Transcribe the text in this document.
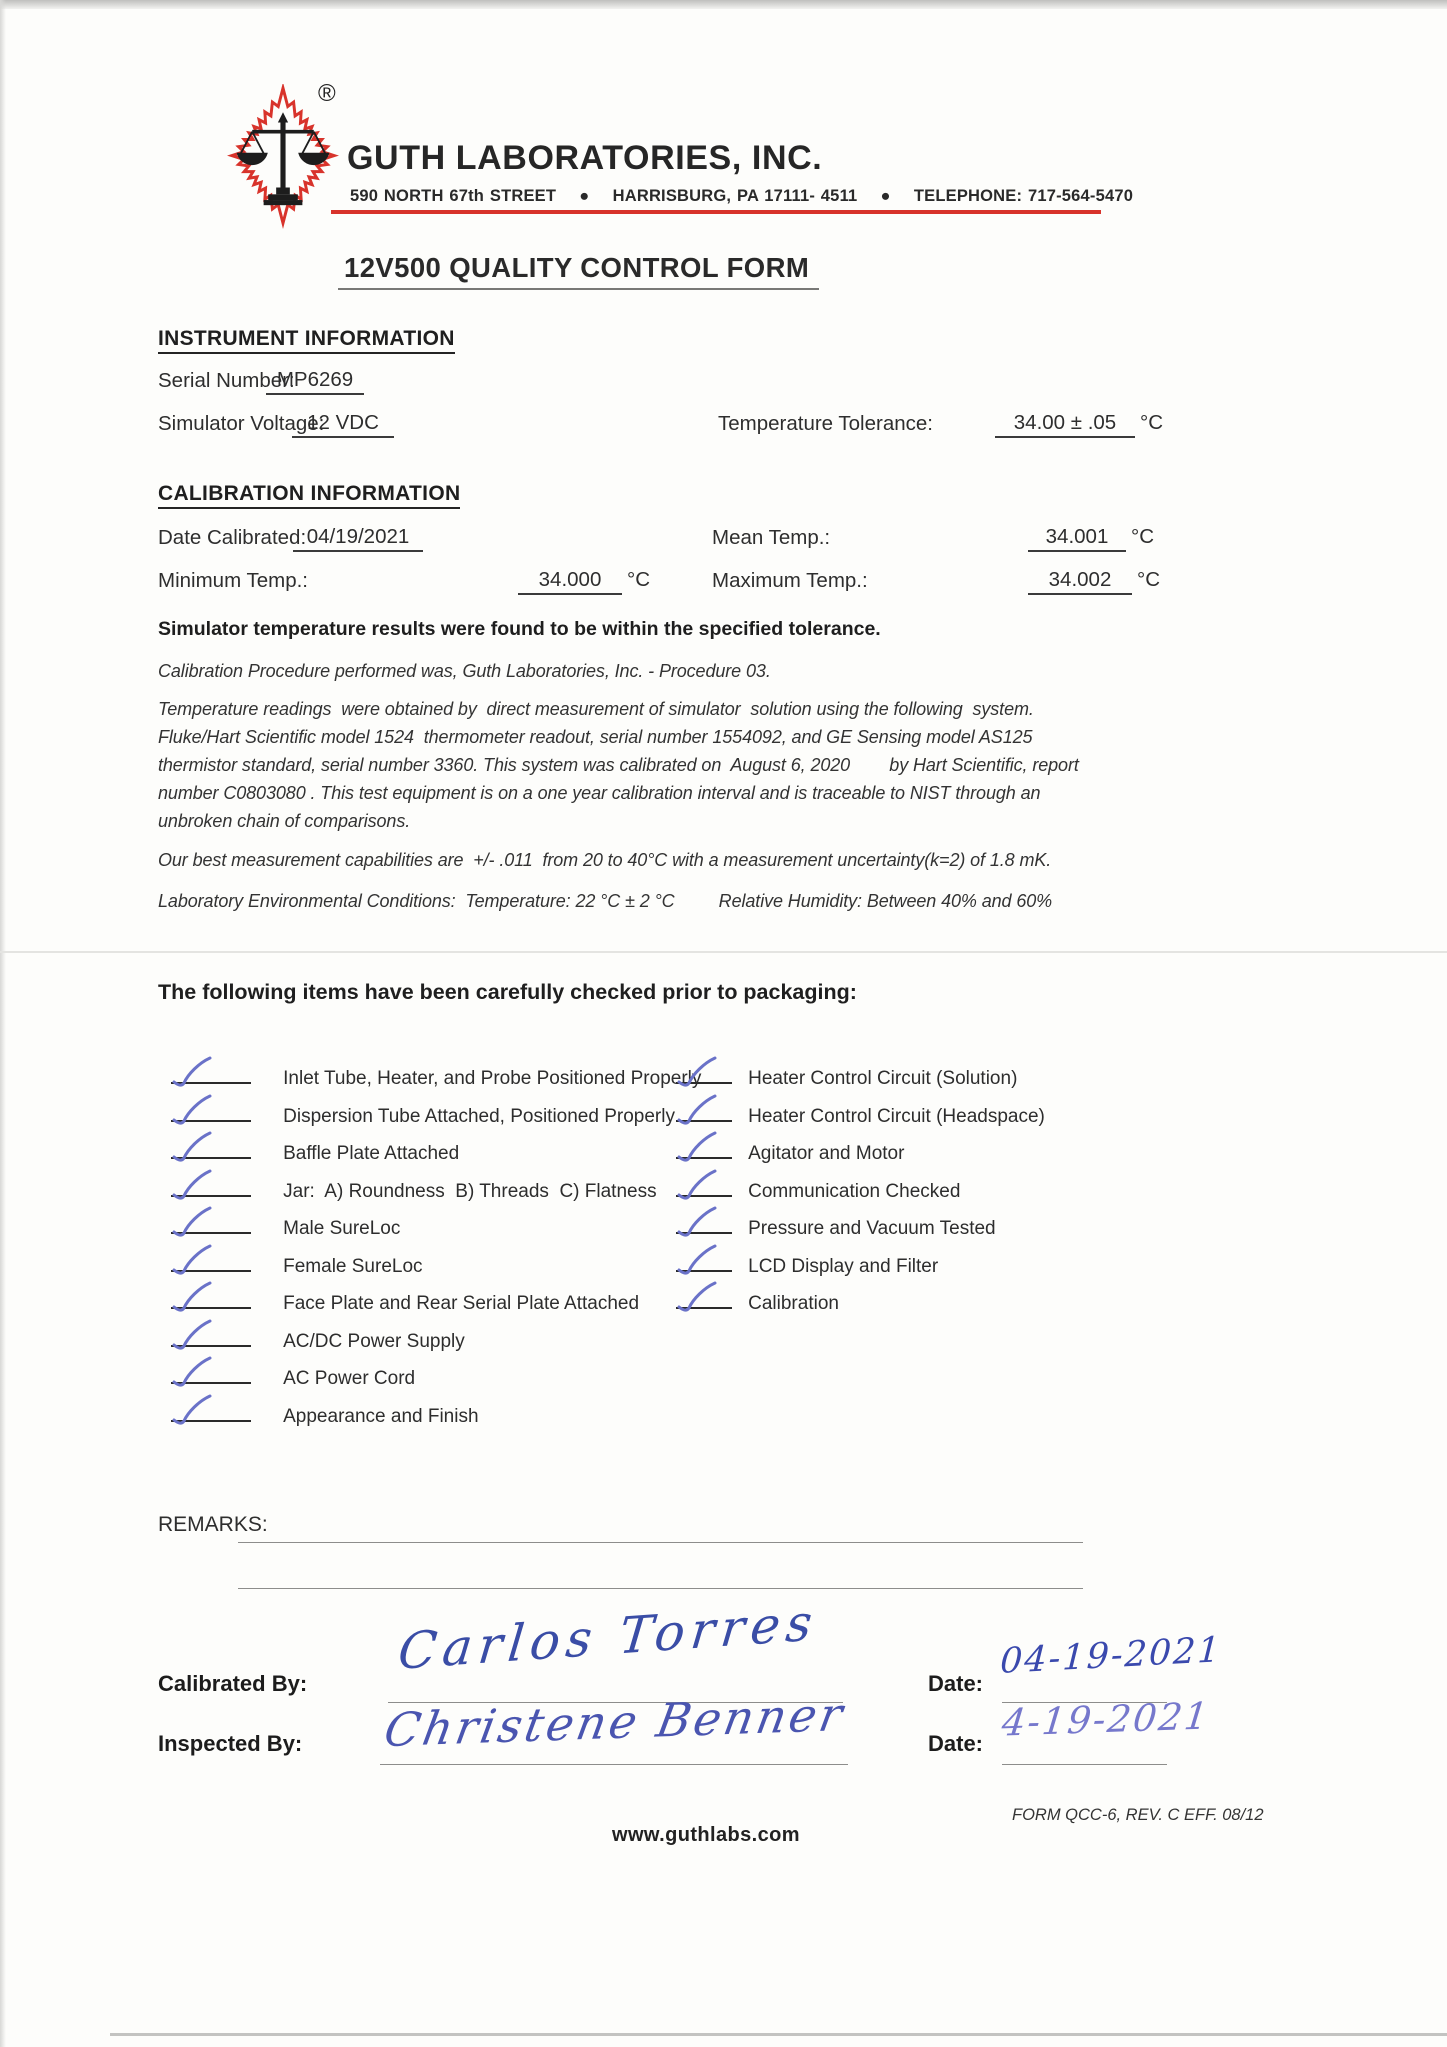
®
GUTH LABORATORIES, INC.
590 NORTH 67th STREET    ●    HARRISBURG, PA 17111- 4511    ●    TELEPHONE: 717-564-5470
12V500 QUALITY CONTROL FORM
INSTRUMENT INFORMATION
Serial Number:
MP6269
Simulator Voltage:
12 VDC	Temperature Tolerance:	34.00 ± .05 °C
CALIBRATION INFORMATION
Date Calibrated: 04/19/2021	Mean Temp.:	34.001 °C
Minimum Temp.:	34.000 °C	Maximum Temp.:	34.002 °C
Simulator temperature results were found to be within the specified tolerance.
Calibration Procedure performed was, Guth Laboratories, Inc. - Procedure 03.
Temperature readings  were obtained by  direct measurement of simulator  solution using the following  system.
Fluke/Hart Scientific model 1524  thermometer readout, serial number 1554092, and GE Sensing model AS125
thermistor standard, serial number 3360. This system was calibrated on  August 6, 2020        by Hart Scientific, report
number C0803080 . This test equipment is on a one year calibration interval and is traceable to NIST through an
unbroken chain of comparisons.
Our best measurement capabilities are  +/- .011  from 20 to 40°C with a measurement uncertainty(k=2) of 1.8 mK.
Laboratory Environmental Conditions:  Temperature: 22 °C ± 2 °C         Relative Humidity: Between 40% and 60%
The following items have been carefully checked prior to packaging:

Inlet Tube, Heater, and Probe Positioned Properly

Dispersion Tube Attached, Positioned Properly

Baffle Plate Attached

Jar:  A) Roundness  B) Threads  C) Flatness

Male SureLoc

Female SureLoc

Face Plate and Rear Serial Plate Attached

AC/DC Power Supply

AC Power Cord

Appearance and Finish

Heater Control Circuit (Solution)

Heater Control Circuit (Headspace)

Agitator and Motor

Communication Checked

Pressure and Vacuum Tested

LCD Display and Filter

Calibration

REMARKS:
Calibrated By:
Carlos Torres
Date:
04-19-2021
Inspected By: Christene Benner	Date: 4-19-2021
www.guthlabs.com
FORM QCC-6, REV. C EFF. 08/12
